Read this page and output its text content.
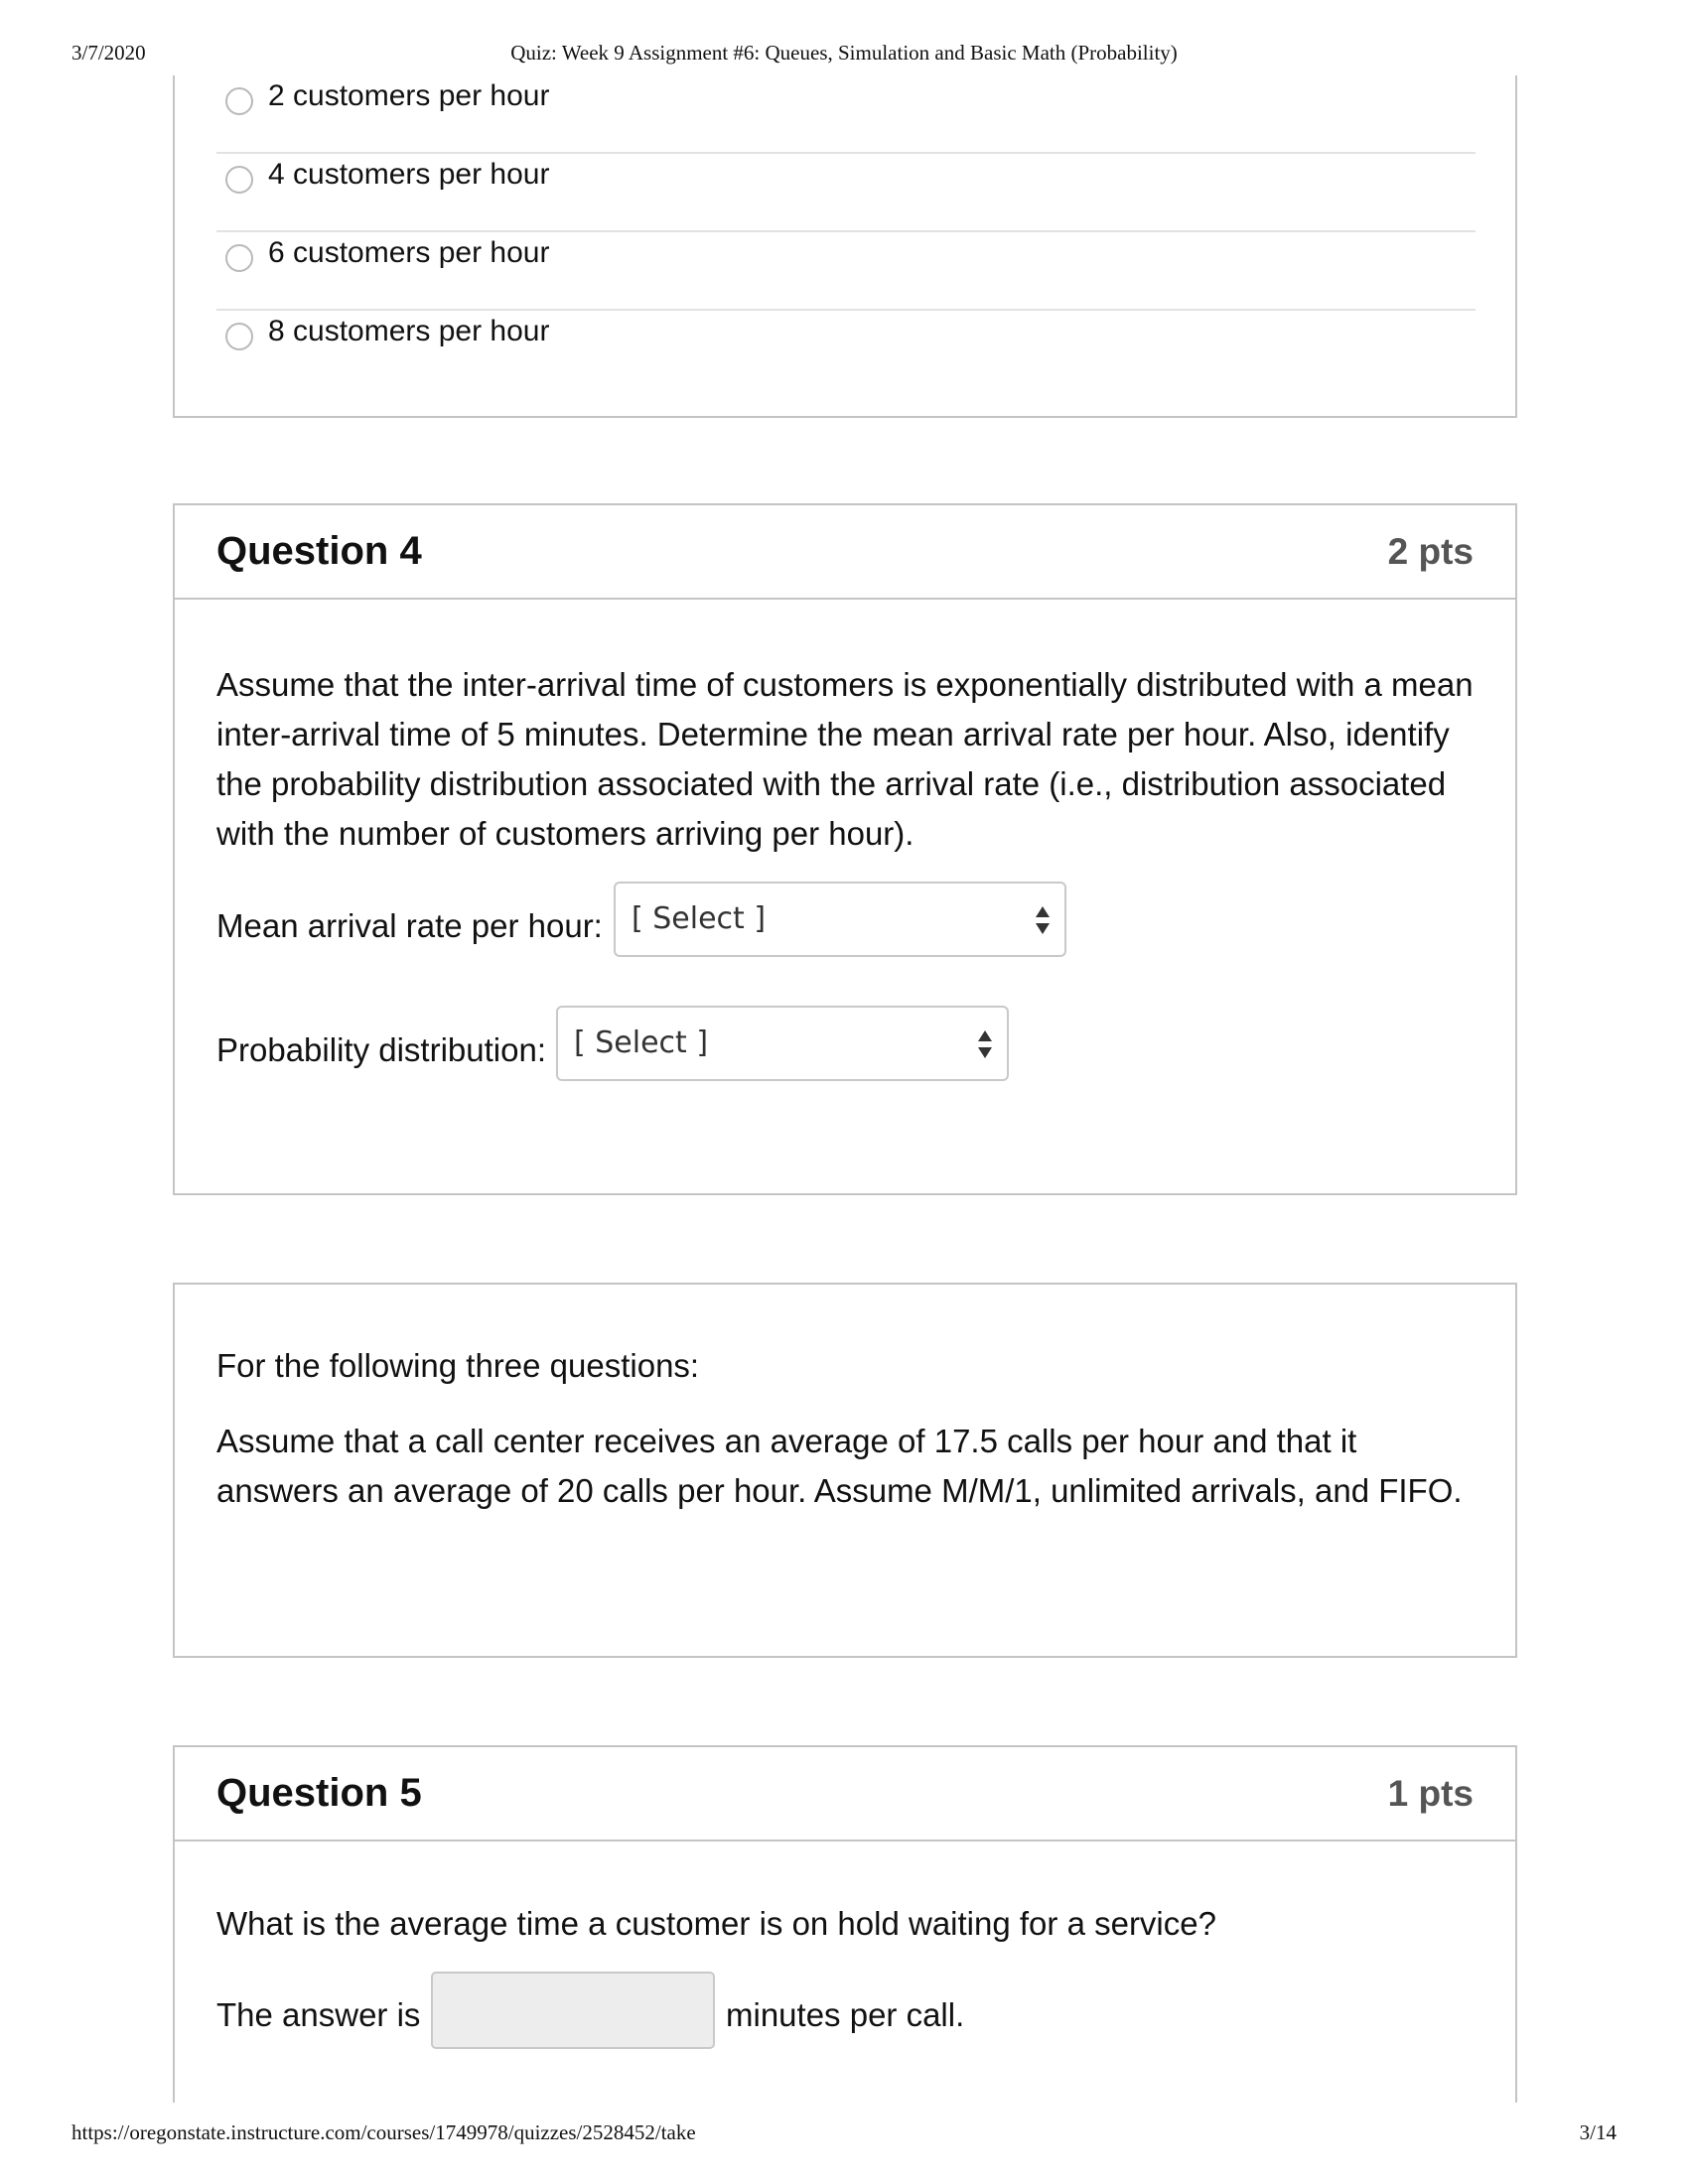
3/7/2020	Quiz: Week 9 Assignment #6: Queues, Simulation and Basic Math (Probability)
2 customers per hour
4 customers per hour
6 customers per hour
8 customers per hour
Question 4	2 pts

Assume that the inter-arrival time of customers is exponentially distributed with a mean inter-arrival time of 5 minutes. Determine the mean arrival rate per hour. Also, identify the probability distribution associated with the arrival rate (i.e., distribution associated with the number of customers arriving per hour).

Mean arrival rate per hour: [ Select ]
Probability distribution: [ Select ]

For the following three questions:

Assume that a call center receives an average of 17.5 calls per hour and that it answers an average of 20 calls per hour. Assume M/M/1, unlimited arrivals, and FIFO.

Question 5	1 pts

What is the average time a customer is on hold waiting for a service?

The answer is	minutes per call.
https://oregonstate.instructure.com/courses/1749978/quizzes/2528452/take	3/14
